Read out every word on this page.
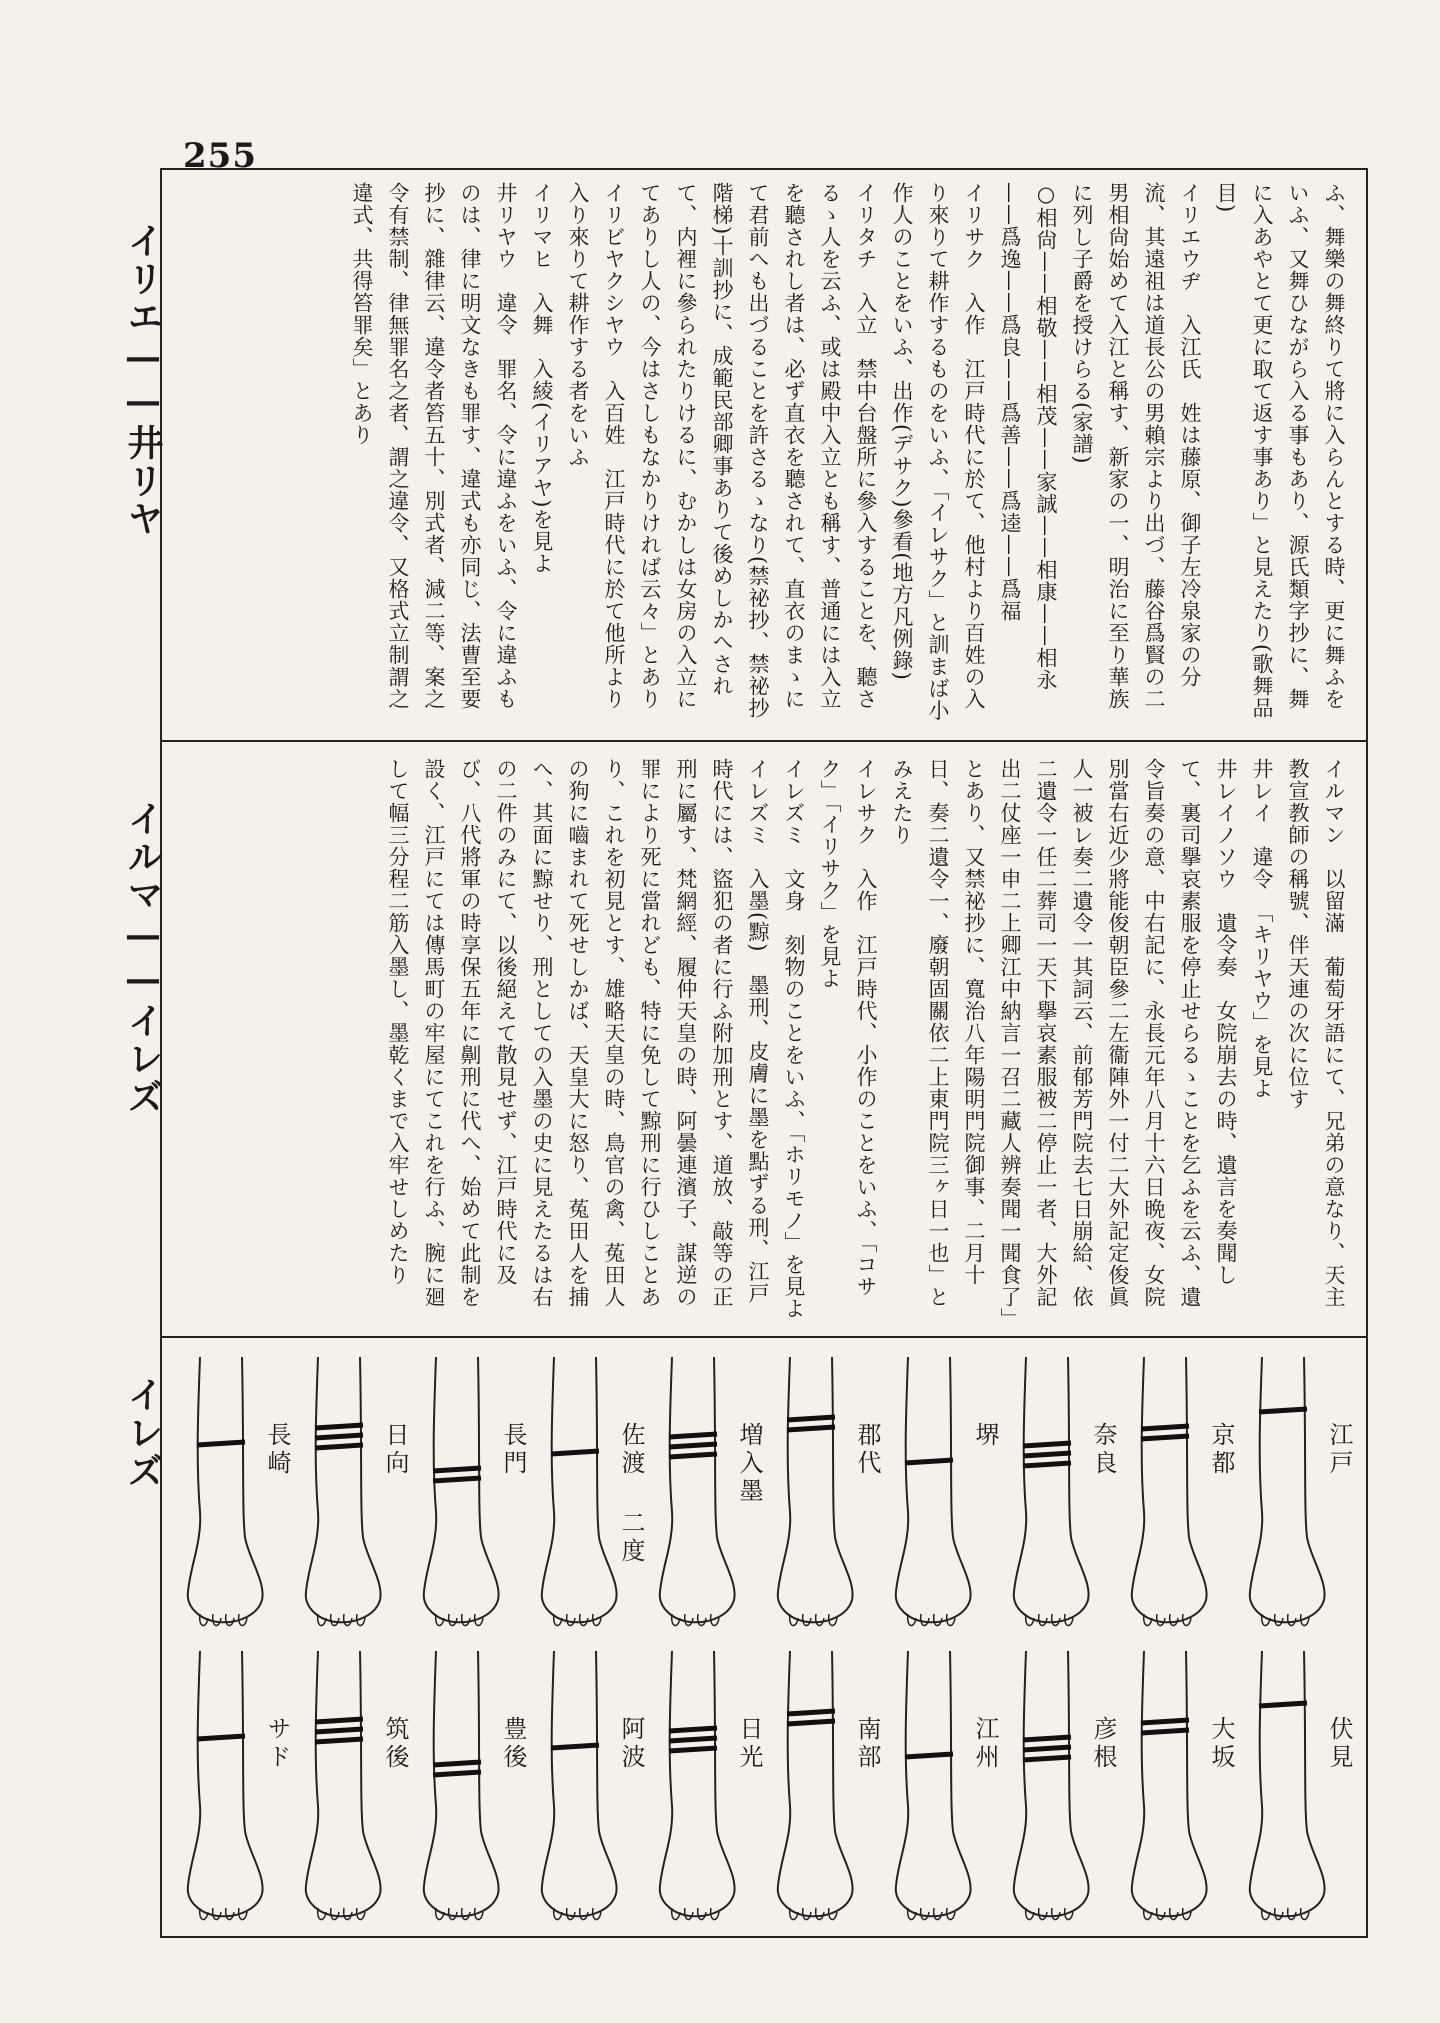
255
イリエ——井リヤ
イルマ——イレズ
イレズ

ふ、舞樂の舞終りて將に入らんとする時、更に舞ふをいふ、又舞ひながら入る事もあり、源氏類字抄に、舞に入あやとて更に取て返す事あり」と見えたり(歌舞品目)

イリエウヂ　入江氏　姓は藤原、御子左冷泉家の分流、其遠祖は道長公の男賴宗より出づ、藤谷爲賢の二男相尙始めて入江と稱す、新家の一、明治に至り華族に列し子爵を授けらる(家譜)

○相尙——相敬——相茂——家誠——相康——相永——爲逸——爲良——爲善——爲逵——爲福

イリサク　入作　江戸時代に於て、他村より百姓の入り來りて耕作するものをいふ、「イレサク」と訓まば小作人のことをいふ、出作(デサク)參看(地方凡例錄)

イリタチ　入立　禁中台盤所に參入することを、聽さるゝ人を云ふ、或は殿中入立とも稱す、普通には入立を聽されし者は、必ず直衣を聽されて、直衣のまゝにて君前へも出づることを許さるゝなり(禁祕抄、禁祕抄階梯)十訓抄に、成範民部卿事ありて後めしかへされて、内裡に參られたりけるに、むかしは女房の入立にてありし人の、今はさしもなかりければ云々」とあり

イリビヤクシヤウ　入百姓　江戸時代に於て他所より入り來りて耕作する者をいふ

イリマヒ　入舞　入綾(イリアヤ)を見よ

井リヤウ　違令　罪名、令に違ふをいふ、令に違ふものは、律に明文なきも罪す、違式も亦同じ、法曹至要抄に、雜律云、違令者笞五十、別式者、減二等、案之令有禁制、律無罪名之者、謂之違令、又格式立制謂之違式、共得笞罪矣」とあり

イルマン　以留滿　葡萄牙語にて、兄弟の意なり、天主教宣教師の稱號、伴天連の次に位す

井レイ　違令　「キリヤウ」を見よ

井レイノソウ　遺令奏　女院崩去の時、遺言を奏聞して、裏司擧哀素服を停止せらるゝことを乞ふを云ふ、遺令旨奏の意、中右記に、永長元年八月十六日晩夜、女院別當右近少將能俊朝臣參二左衞陣外一付二大外記定俊眞人一被レ奏二遺令一其詞云、前郁芳門院去七日崩給、依二遺令一任二葬司一天下擧哀素服被二停止一者、大外記出二仗座一申二上卿江中納言一召二藏人辨奏聞一聞食了」とあり、又禁祕抄に、寬治八年陽明門院御事、二月十日、奏二遺令一、廢朝固關依二上東門院三ヶ日一也」とみえたり

イレサク　入作　江戸時代、小作のことをいふ、「コサク」「イリサク」を見よ

イレズミ　文身　刻物のことをいふ、「ホリモノ」を見よ

イレズミ　入墨(黥)　墨刑、皮膚に墨を點ずる刑、江戸時代には、盜犯の者に行ふ附加刑とす、道放、敲等の正刑に屬す、梵網經、履仲天皇の時、阿曇連濱子、謀逆の罪により死に當れども、特に免して黥刑に行ひしことあり、これを初見とす、雄略天皇の時、鳥官の禽、菟田人の狗に嚙まれて死せしかば、天皇大に怒り、菟田人を捕へ、其面に黥せり、刑としての入墨の史に見えたるは右の二件のみにて、以後絕えて散見せず、江戸時代に及び、八代將軍の時享保五年に劓刑に代へ、始めて此制を設く、江戸にては傳馬町の牢屋にてこれを行ふ、腕に廻して幅三分程二筋入墨し、墨乾くまで入牢せしめたり

江戸
京都
奈良
堺
郡代
増入墨
佐渡 二度
長門
日向
長崎
伏見
大坂
彦根
江州
南部
日光
阿波
豊後
筑後
サド
